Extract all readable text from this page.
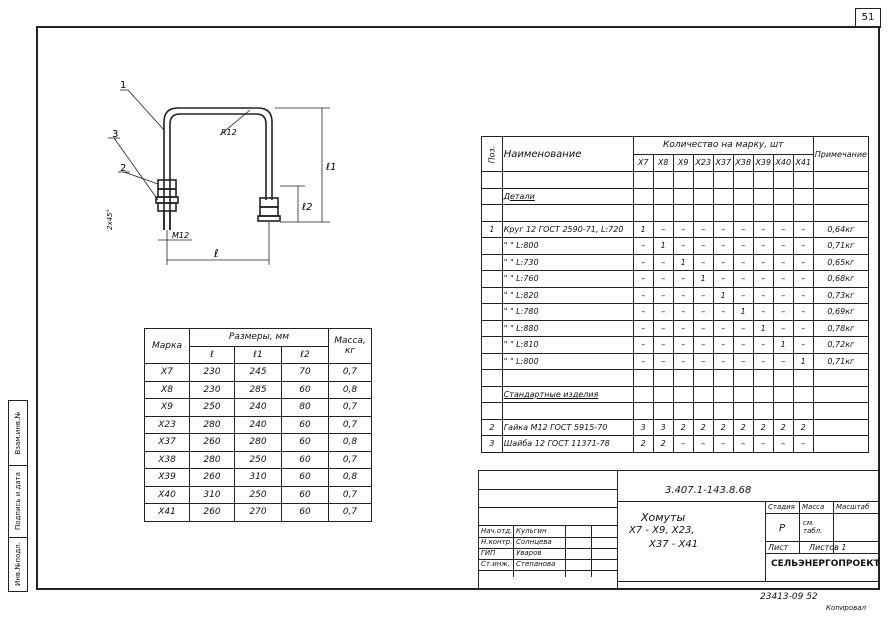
51
Взам.инв.№
Подпись и дата
Инв.№подл.
1
3
2
R12
M12
ℓ
ℓ1
ℓ2
2x45°
Марка	Размеры, мм			Масса, кг
	ℓ	ℓ1	ℓ2	
Х7	230	245	70	0,7
Х8	230	285	60	0,8
Х9	250	240	80	0,7
Х23	280	240	60	0,7
Х37	260	280	60	0,8
Х38	280	250	60	0,7
Х39	260	310	60	0,8
Х40	310	250	60	0,7
Х41	260	270	60	0,7
Поз.	Наименование	Количество на марку, шт									Примечание
		Х7	Х8	Х9	Х23	Х37	Х38	Х39	Х40	Х41	

	Детали										

1	Круг 12 ГОСТ 2590-71, L:720	1	–	–	–	–	–	–	–	–	0,64кг
	" " L:800	–	1	–	–	–	–	–	–	–	0,71кг
	" " L:730	–	–	1	–	–	–	–	–	–	0,65кг
	" " L:760	–	–	–	1	–	–	–	–	–	0,68кг
	" " L:820	–	–	–	–	1	–	–	–	–	0,73кг
	" " L:780	–	–	–	–	–	1	–	–	–	0,69кг
	" " L:880	–	–	–	–	–	–	1	–	–	0,78кг
	" " L:810	–	–	–	–	–	–	–	1	–	0,72кг
	" " L:800	–	–	–	–	–	–	–	–	1	0,71кг

	Стандартные изделия										

2	Гайка М12 ГОСТ 5915-70	3	3	2	2	2	2	2	2	2	
3	Шайба 12 ГОСТ 11371-78	2	2	–	–	–	–	–	–	–	
3.407.1-143.8.68
Хомуты
Х7 - Х9, Х23,
Х37 - Х41
Стадия Масса Масштаб
Р	см. табл.
Лист	Листов 1
СЕЛЬЭНЕРГОПРОЕКТ
Нач.отд. Кульгин
Н.контр. Солнцева
ГИП	Уваров
Ст.инж. Степанова
23413-09 52
Копировал
